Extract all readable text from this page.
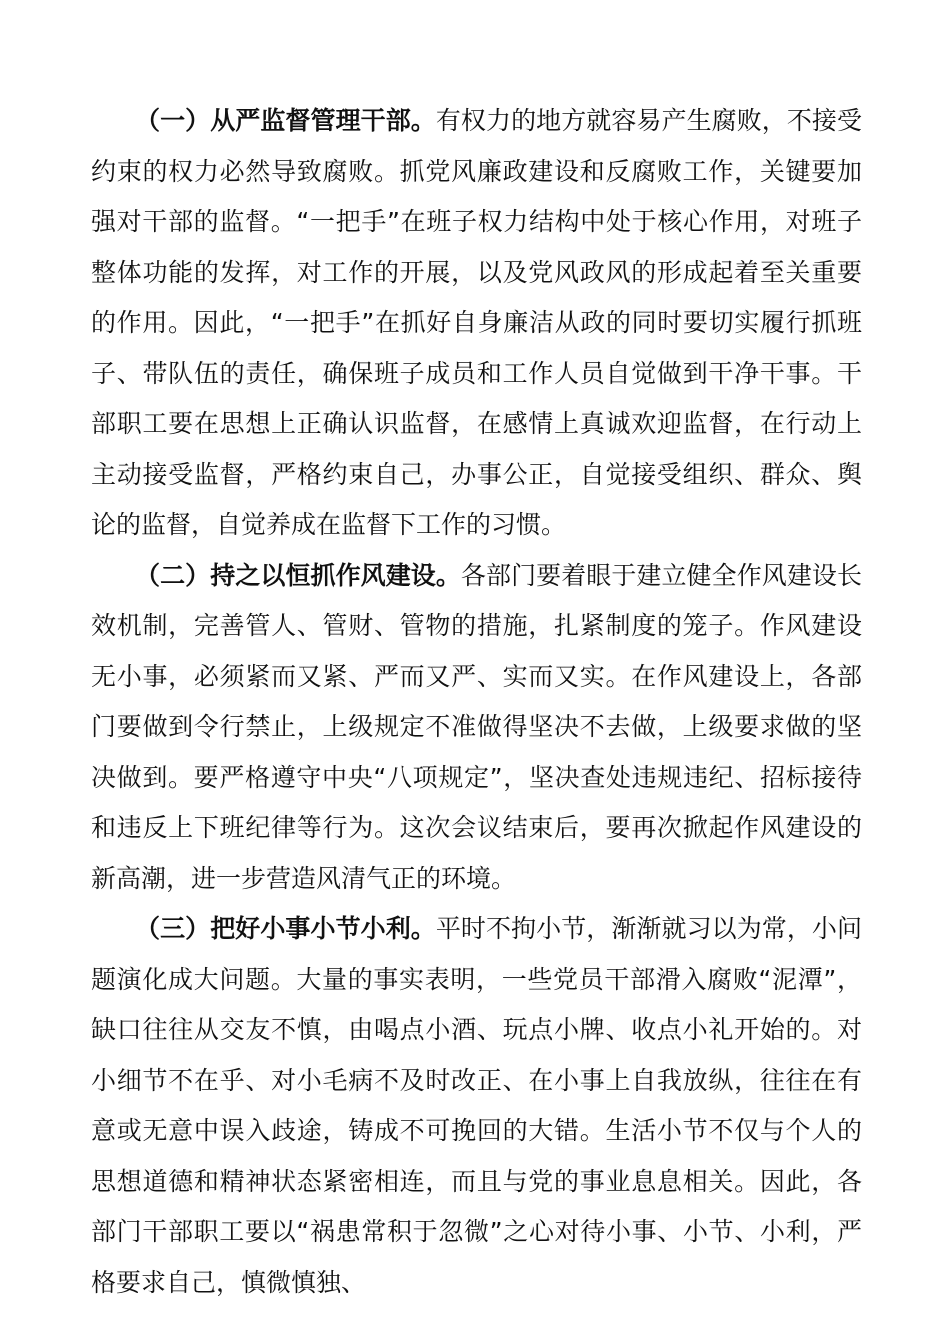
（一）从严监督管理干部。有权力的地方就容易产生腐败，不接受约束的权力必然导致腐败。抓党风廉政建设和反腐败工作，关键要加强对干部的监督。“一把手”在班子权力结构中处于核心作用，对班子整体功能的发挥，对工作的开展，以及党风政风的形成起着至关重要的作用。因此，“一把手”在抓好自身廉洁从政的同时要切实履行抓班子、带队伍的责任，确保班子成员和工作人员自觉做到干净干事。干部职工要在思想上正确认识监督，在感情上真诚欢迎监督，在行动上主动接受监督，严格约束自己，办事公正，自觉接受组织、群众、舆论的监督，自觉养成在监督下工作的习惯。

（二）持之以恒抓作风建设。各部门要着眼于建立健全作风建设长效机制，完善管人、管财、管物的措施，扎紧制度的笼子。作风建设无小事，必须紧而又紧、严而又严、实而又实。在作风建设上，各部门要做到令行禁止，上级规定不准做得坚决不去做，上级要求做的坚决做到。要严格遵守中央“八项规定”，坚决查处违规违纪、招标接待和违反上下班纪律等行为。这次会议结束后，要再次掀起作风建设的新高潮，进一步营造风清气正的环境。

（三）把好小事小节小利。平时不拘小节，渐渐就习以为常，小问题演化成大问题。大量的事实表明，一些党员干部滑入腐败“泥潭”，缺口往往从交友不慎，由喝点小酒、玩点小牌、收点小礼开始的。对小细节不在乎、对小毛病不及时改正、在小事上自我放纵，往往在有意或无意中误入歧途，铸成不可挽回的大错。生活小节不仅与个人的思想道德和精神状态紧密相连，而且与党的事业息息相关。因此，各部门干部职工要以“祸患常积于忽微”之心对待小事、小节、小利，严格要求自己，慎微慎独、
